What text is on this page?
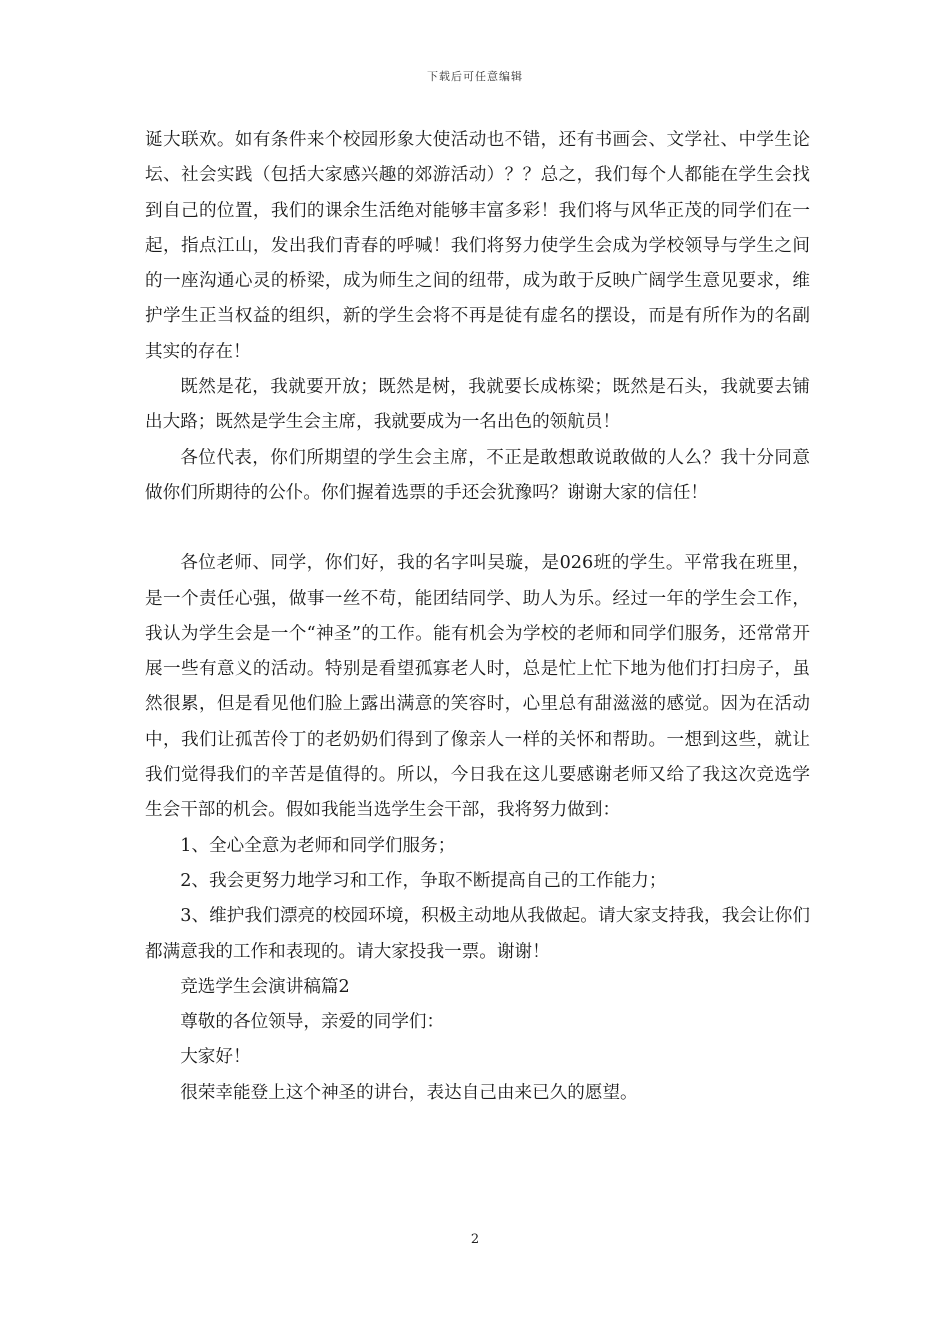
下载后可任意编辑

诞大联欢。如有条件来个校园形象大使活动也不错，还有书画会、文学社、中学生论坛、社会实践（包括大家感兴趣的郊游活动）？？总之，我们每个人都能在学生会找到自己的位置，我们的课余生活绝对能够丰富多彩！我们将与风华正茂的同学们在一起，指点江山，发出我们青春的呼喊！我们将努力使学生会成为学校领导与学生之间的一座沟通心灵的桥梁，成为师生之间的纽带，成为敢于反映广阔学生意见要求，维护学生正当权益的组织，新的学生会将不再是徒有虚名的摆设，而是有所作为的名副其实的存在！

既然是花，我就要开放；既然是树，我就要长成栋梁；既然是石头，我就要去铺出大路；既然是学生会主席，我就要成为一名出色的领航员！

各位代表，你们所期望的学生会主席，不正是敢想敢说敢做的人么？我十分同意做你们所期待的公仆。你们握着选票的手还会犹豫吗？谢谢大家的信任！

各位老师、同学，你们好，我的名字叫吴璇，是026班的学生。平常我在班里，是一个责任心强，做事一丝不苟，能团结同学、助人为乐。经过一年的学生会工作，我认为学生会是一个“神圣”的工作。能有机会为学校的老师和同学们服务，还常常开展一些有意义的活动。特别是看望孤寡老人时，总是忙上忙下地为他们打扫房子，虽然很累，但是看见他们脸上露出满意的笑容时，心里总有甜滋滋的感觉。因为在活动中，我们让孤苦伶丁的老奶奶们得到了像亲人一样的关怀和帮助。一想到这些，就让我们觉得我们的辛苦是值得的。所以，今日我在这儿要感谢老师又给了我这次竞选学生会干部的机会。假如我能当选学生会干部，我将努力做到：

1、全心全意为老师和同学们服务；

2、我会更努力地学习和工作，争取不断提高自己的工作能力；

3、维护我们漂亮的校园环境，积极主动地从我做起。请大家支持我，我会让你们都满意我的工作和表现的。请大家投我一票。谢谢！

竞选学生会演讲稿篇2

尊敬的各位领导，亲爱的同学们：

大家好！

很荣幸能登上这个神圣的讲台，表达自己由来已久的愿望。

2
